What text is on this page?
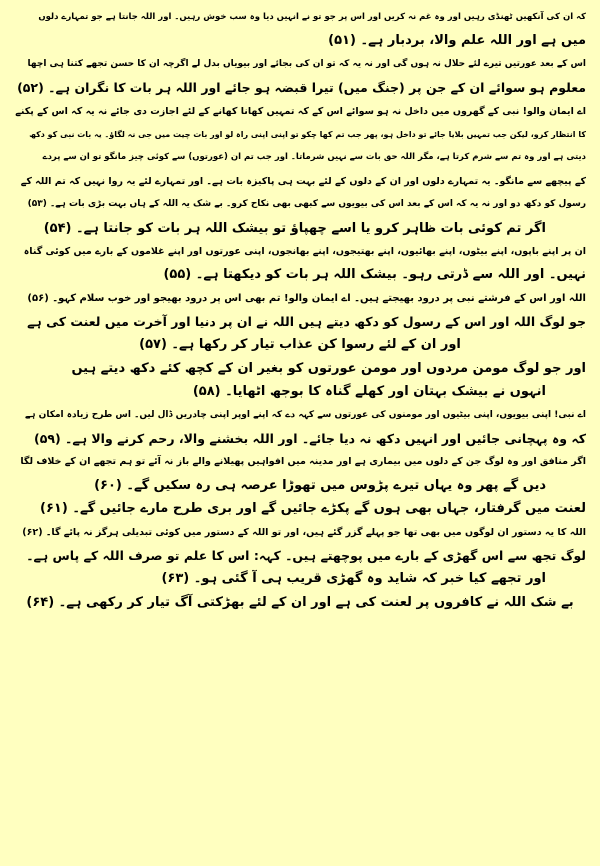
کہ ان کی آنکھیں ٹھنڈی رہیں اور وہ غم نہ کریں اور اس پر جو تو نے انہیں دیا وہ سب خوش رہیں۔ اور اللہ جانتا ہے جو تمہارے دلوں
میں ہے اور اللہ علم والا، بردبار ہے۔ (۵۱)
اس کے بعد عورتیں تیرے لئے حلال نہ ہوں گی اور نہ یہ کہ تو ان کی بجائے اور بیویاں بدل لے اگرچہ ان کا حسن تجھے کتنا ہی اچھا
معلوم ہو سوائے ان کے جن پر (جنگ میں) تیرا قبضہ ہو جائے اور اللہ ہر بات کا نگران ہے۔ (۵۲)
اے ایمان والو! نبی کے گھروں میں داخل نہ ہو سوائے اس کے کہ تمہیں کھانا کھانے کے لئے اجازت دی جائے نہ یہ کہ اس کے پکنے
کا انتظار کرو، لیکن جب تمہیں بلایا جائے تو داخل ہو، پھر جب تم کھا چکو تو اپنی اپنی راہ لو اور بات چیت میں جی نہ لگاؤ۔ یہ بات نبی کو دکھ
دیتی ہے اور وہ تم سے شرم کرتا ہے، مگر اللہ حق بات سے نہیں شرماتا۔ اور جب تم ان (عورتوں) سے کوئی چیز مانگو تو ان سے پردے
کے پیچھے سے مانگو۔ یہ تمہارے دلوں اور ان کے دلوں کے لئے بہت ہی پاکیزہ بات ہے۔ اور تمہارے لئے یہ روا نہیں کہ تم اللہ کے
رسول کو دکھ دو اور نہ یہ کہ اس کے بعد اس کی بیویوں سے کبھی بھی نکاح کرو۔ بے شک یہ اللہ کے ہاں بہت بڑی بات ہے۔ (۵۳)
اگر تم کوئی بات ظاہر کرو یا اسے چھپاؤ تو بیشک اللہ ہر بات کو جانتا ہے۔ (۵۴)
ان پر اپنے باپوں، اپنے بیٹوں، اپنے بھائیوں، اپنے بھتیجوں، اپنے بھانجوں، اپنی عورتوں اور اپنے غلاموں کے بارے میں کوئی گناہ
نہیں۔ اور اللہ سے ڈرتی رہو۔ بیشک اللہ ہر بات کو دیکھتا ہے۔ (۵۵)
اللہ اور اس کے فرشتے نبی پر درود بھیجتے ہیں۔ اے ایمان والو! تم بھی اس پر درود بھیجو اور خوب سلام کہو۔ (۵۶)
جو لوگ اللہ اور اس کے رسول کو دکھ دیتے ہیں اللہ نے ان پر دنیا اور آخرت میں لعنت کی ہے
اور ان کے لئے رسوا کن عذاب تیار کر رکھا ہے۔ (۵۷)
اور جو لوگ مومن مردوں اور مومن عورتوں کو بغیر ان کے کچھ کئے دکھ دیتے ہیں
انہوں نے بیشک بہتان اور کھلے گناہ کا بوجھ اٹھایا۔ (۵۸)
اے نبی! اپنی بیویوں، اپنی بیٹیوں اور مومنوں کی عورتوں سے کہہ دے کہ اپنے اوپر اپنی چادریں ڈال لیں۔ اس طرح زیادہ امکان ہے
کہ وہ پہچانی جائیں اور انہیں دکھ نہ دیا جائے۔ اور اللہ بخشنے والا، رحم کرنے والا ہے۔ (۵۹)
اگر منافق اور وہ لوگ جن کے دلوں میں بیماری ہے اور مدینہ میں افواہیں پھیلانے والے باز نہ آئے تو ہم تجھے ان کے خلاف لگا
دیں گے پھر وہ یہاں تیرے پڑوس میں تھوڑا عرصہ ہی رہ سکیں گے۔ (۶۰)
لعنت میں گرفتار، جہاں بھی ہوں گے پکڑے جائیں گے اور بری طرح مارے جائیں گے۔ (۶۱)
اللہ کا یہ دستور ان لوگوں میں بھی تھا جو پہلے گزر گئے ہیں، اور تو اللہ کے دستور میں کوئی تبدیلی ہرگز نہ پائے گا۔ (۶۲)
لوگ تجھ سے اس گھڑی کے بارے میں پوچھتے ہیں۔ کہہ: اس کا علم تو صرف اللہ کے پاس ہے۔
اور تجھے کیا خبر کہ شاید وہ گھڑی قریب ہی آ گئی ہو۔ (۶۳)
بے شک اللہ نے کافروں پر لعنت کی ہے اور ان کے لئے بھڑکتی آگ تیار کر رکھی ہے۔ (۶۴)
